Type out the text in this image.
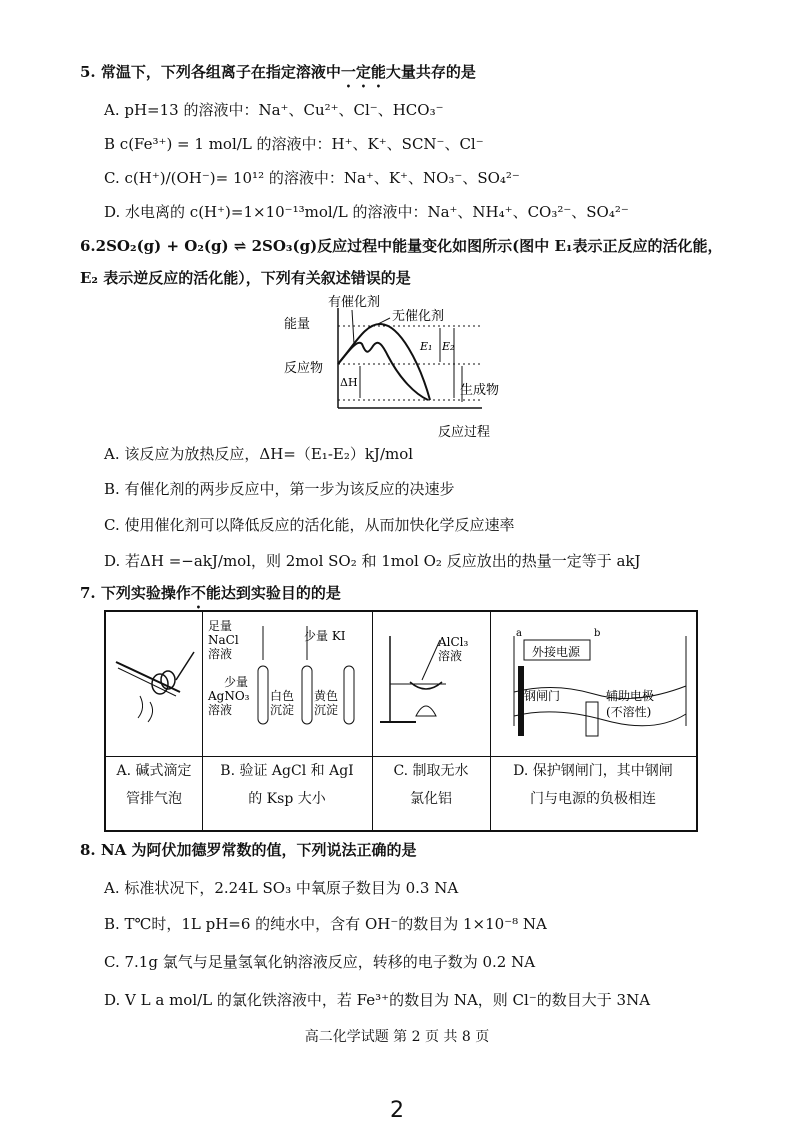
5. 常温下，下列各组离子在指定溶液中一定能大量共存的是
A. pH=13 的溶液中：Na⁺、Cu²⁺、Cl⁻、HCO₃⁻
B c(Fe³⁺) = 1 mol/L 的溶液中：H⁺、K⁺、SCN⁻、Cl⁻
C. c(H⁺)/(OH⁻)= 10¹² 的溶液中：Na⁺、K⁺、NO₃⁻、SO₄²⁻
D. 水电离的 c(H⁺)=1×10⁻¹³mol/L 的溶液中：Na⁺、NH₄⁺、CO₃²⁻、SO₄²⁻
6.2SO₂(g) + O₂(g) ⇌ 2SO₃(g)反应过程中能量变化如图所示(图中 E₁表示正反应的活化能，
E₂ 表示逆反应的活化能），下列有关叙述错误的是
有催化剂
无催化剂
能量
反应物
生成物
E₁ E₂
ΔH
反应过程
A. 该反应为放热反应，ΔH=（E₁-E₂）kJ/mol
B. 有催化剂的两步反应中，第一步为该反应的决速步
C. 使用催化剂可以降低反应的活化能，从而加快化学反应速率
D. 若ΔH =−akJ/mol，则 2mol SO₂ 和 1mol O₂ 反应放出的热量一定等于 akJ
7. 下列实验操作不能达到实验目的的是
足量
NaCl
溶液
少量 KI
少量
AgNO₃
溶液
白色
沉淀
黄色
沉淀
AlCl₃
溶液	外接电源
a	b
钢闸门	辅助电极
(不溶性)
A. 碱式滴定
管排气泡
B. 验证 AgCl 和 AgI
的 Ksp 大小
C. 制取无水
氯化铝
D. 保护钢闸门，其中钢闸
门与电源的负极相连
8. NA 为阿伏加德罗常数的值，下列说法正确的是
A. 标准状况下，2.24L SO₃ 中氧原子数目为 0.3 NA
B. T℃时，1L pH=6 的纯水中，含有 OH⁻的数目为 1×10⁻⁸ NA
C. 7.1g 氯气与足量氢氧化钠溶液反应，转移的电子数为 0.2 NA
D. V L a mol/L 的氯化铁溶液中，若 Fe³⁺的数目为 NA，则 Cl⁻的数目大于 3NA
高二化学试题 第 2 页 共 8 页
2
